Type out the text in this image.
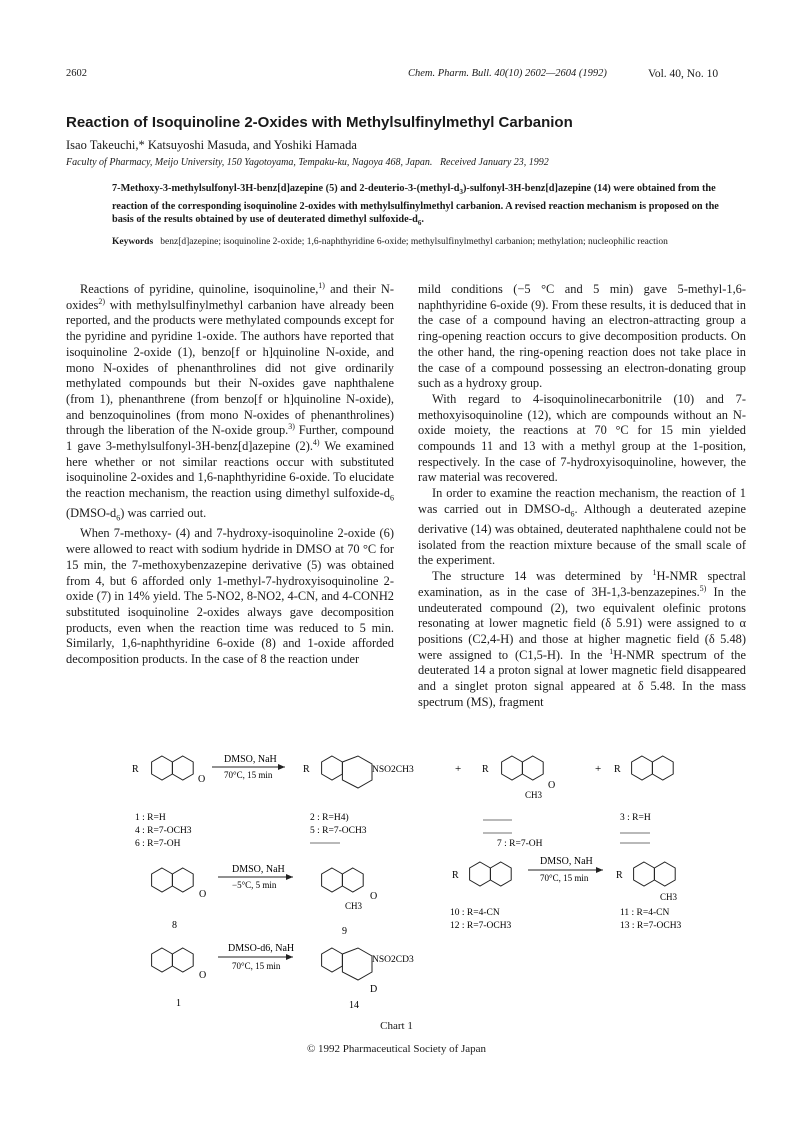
2602	Chem. Pharm. Bull. 40(10) 2602—2604 (1992)	Vol. 40, No. 10
Reaction of Isoquinoline 2-Oxides with Methylsulfinylmethyl Carbanion
Isao Takeuchi,* Katsuyoshi Masuda, and Yoshiki Hamada
Faculty of Pharmacy, Meijo University, 150 Yagotoyama, Tempaku-ku, Nagoya 468, Japan. Received January 23, 1992
7-Methoxy-3-methylsulfonyl-3H-benz[d]azepine (5) and $2-deuterio-3-(methyl-d_3)-sulfonyl-3H-benz[d]azepine$ (14) were obtained from the reaction of the corresponding isoquinoline 2-oxides with methylsulfinylmethyl carbanion. A revised reaction mechanism is proposed on the basis of the results obtained by use of deuterated dimethyl sulfoxide-$d_6$.
Keywords benz[d]azepine; isoquinoline 2-oxide; 1,6-naphthyridine 6-oxide; methylsulfinylmethyl carbanion; methylation; nucleophilic reaction

Reactions of pyridine, quinoline, isoquinoline,$^{1)}$ and their N-oxides$^{2)}$ with methylsulfinylmethyl carbanion have already been reported, and the products were methylated compounds except for the pyridine and pyridine 1-oxide. The authors have reported that isoquinoline 2-oxide (1), benzo[f or h]quinoline N-oxide, and mono N-oxides of phenanthrolines did not give ordinarily methylated compounds but their N-oxides gave naphthalene (from 1), phenanthrene (from benzo[f or h]quinoline N-oxide), and benzoquinolines (from mono N-oxides of phenanthrolines) through the liberation of the N-oxide group.$^{3)}$ Further, compound 1 gave 3-methylsulfonyl-3H-benz[d]azepine (2).$^{4)}$ We examined here whether or not similar reactions occur with substituted isoquinoline 2-oxides and 1,6-naphthyridine 6-oxide. To elucidate the reaction mechanism, the reaction using dimethyl sulfoxide-$d_6$ $(DMSO-d_6)$ was carried out.

When 7-methoxy- (4) and 7-hydroxy-isoquinoline 2-oxide (6) were allowed to react with sodium hydride in DMSO at 70 °C for 15 min, the 7-methoxybenzazepine derivative (5) was obtained from 4, but 6 afforded only 1-methyl-7-hydroxyisoquinoline 2-oxide (7) in 14% yield. The 5-NO2, 8-NO2, 4-CN, and 4-CONH2 substituted isoquinoline 2-oxides always gave decomposition products, even when the reaction time was reduced to 5 min. Similarly, 1,6-naphthyridine 6-oxide (8) and 1-oxide afforded decomposition products. In the case of 8 the reaction under

mild conditions (−5 °C and 5 min) gave 5-methyl-1,6-naphthyridine 6-oxide (9). From these results, it is deduced that in the case of a compound having an electron-attracting group a ring-opening reaction occurs to give decomposition products. On the other hand, the ring-opening reaction does not take place in the case of a compound possessing an electron-donating group such as a hydroxy group.

With regard to 4-isoquinolinecarbonitrile (10) and 7-methoxyisoquinoline (12), which are compounds without an N-oxide moiety, the reactions at 70 °C for 15 min yielded compounds 11 and 13 with a methyl group at the 1-position, respectively. In the case of 7-hydroxyisoquinoline, however, the raw material was recovered.

In order to examine the reaction mechanism, the reaction of 1 was carried out in DMSO-$d_6$. Although a deuterated azepine derivative (14) was obtained, deuterated naphthalene could not be isolated from the reaction mixture because of the small scale of the experiment.

The structure 14 was determined by $^1$H-NMR spectral examination, as in the case of 3H-1,3-benzazepines.$^{5)}$ In the undeuterated compound (2), two equivalent olefinic protons resonating at lower magnetic field (δ 5.91) were assigned to α positions (C2,4-H) and those at higher magnetic field (δ 5.48) were assigned to (C1,5-H). In the $^1$H-NMR spectrum of the deuterated 14 a proton signal at lower magnetic field disappeared and a singlet proton signal appeared at δ 5.48. In the mass spectrum (MS), fragment

R
O
DMSO, NaH
70°C, 15 min	R	NSO2CH3	+ R
CH3
O
+ R
1 : R=H
4 : R=7-OCH3
6 : R=7-OH
2 : R=H4)
5 : R=7-OCH3
7 : R=7-OH
3 : R=H
O
DMSO, NaH
−5°C, 5 min
CH3
O
8
9
R
DMSO, NaH
70°C, 15 min	R
CH3
10 : R=4-CN
12 : R=7-OCH3
11 : R=4-CN
13 : R=7-OCH3
O
DMSO-d6, NaH
70°C, 15 min
NSO2CD3
D
1	14
Chart 1
© 1992 Pharmaceutical Society of Japan
